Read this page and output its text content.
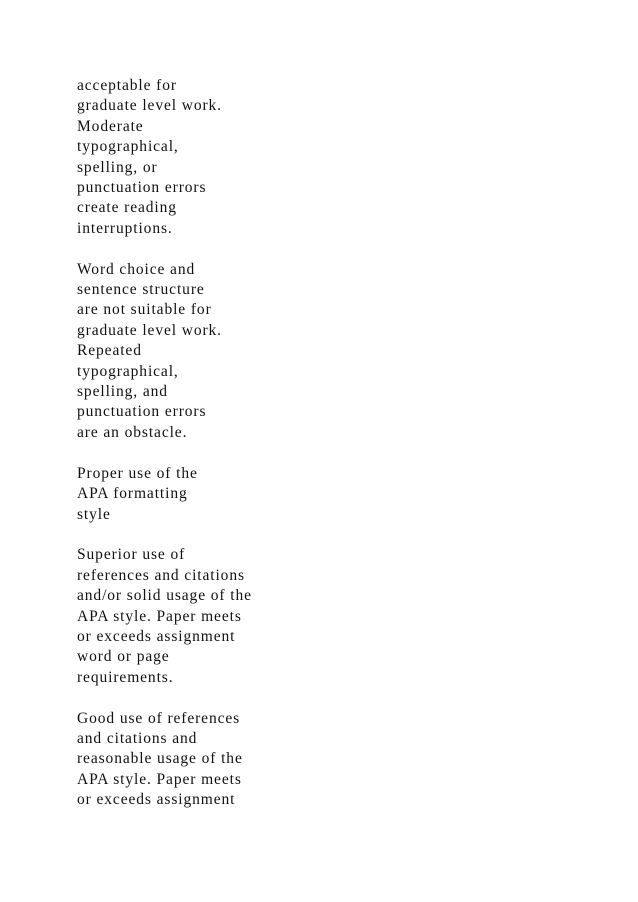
acceptable for
graduate level work.
Moderate
typographical,
spelling, or
punctuation errors
create reading
interruptions.

Word choice and
sentence structure
are not suitable for
graduate level work.
Repeated
typographical,
spelling, and
punctuation errors
are an obstacle.

Proper use of the
APA formatting
style

Superior use of
references and citations
and/or solid usage of the
APA style. Paper meets
or exceeds assignment
word or page
requirements.

Good use of references
and citations and
reasonable usage of the
APA style. Paper meets
or exceeds assignment
